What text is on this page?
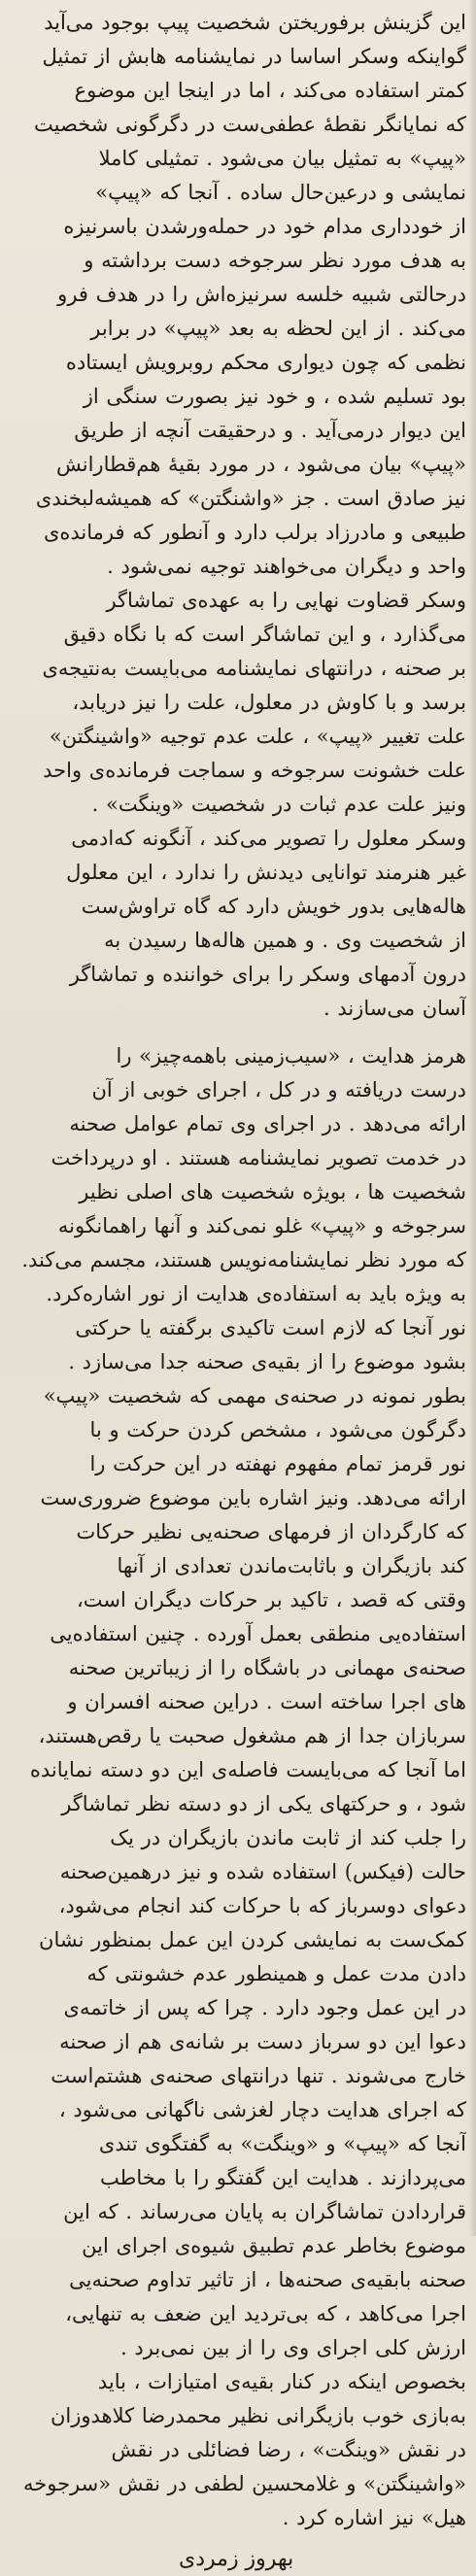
این گزینش برفوریختن شخصیت پیپ بوجود می‌آید
گواینکه وسکر اساسا در نمایشنامه هابش از تمثیل
کمتر استفاده می‌کند ، اما در اینجا این موضوع
که نمایانگر نقطهٔ عطفی‌ست در دگرگونی شخصیت
«پیپ» به تمثیل بیان می‌شود . تمثیلی کاملا
نمایشی و درعین‌حال ساده . آنجا که «پیپ»
از خودداری مدام خود در حمله‌ورشدن باسرنیزه
به هدف مورد نظر سرجوخه دست برداشته و
درحالتی شبیه خلسه سرنیزه‌اش را در هدف فرو
می‌کند . از این لحظه به بعد «پیپ» در برابر
نظمی که چون دیواری محکم روبرویش ایستاده
بود تسلیم شده ، و خود نیز بصورت سنگی از
این دیوار درمی‌آید . و درحقیقت آنچه از طریق
«پیپ» بیان می‌شود ، در مورد بقیهٔ هم‌قطارانش
نیز صادق است . جز «واشنگتن» که همیشه‌لبخندی
طبیعی و مادرزاد برلب دارد و آنطور که فرمانده‌ی
واحد و دیگران می‌خواهند توجیه نمی‌شود .
وسکر قضاوت نهایی را به عهده‌ی تماشاگر
می‌گذارد ، و این تماشاگر است که با نگاه دقیق
بر صحنه ، درانتهای نمایشنامه می‌بایست به‌نتیجه‌ی
برسد و با کاوش در معلول، علت را نیز دریابد،
علت تغییر «پیپ» ، علت عدم توجیه «واشینگتن»
علت خشونت سرجوخه و سماجت فرمانده‌ی واحد
ونیز علت عدم ثبات در شخصیت «وینگت» .
وسکر معلول را تصویر می‌کند ، آنگونه که‌ادمی
غیر هنرمند توانایی دیدنش را ندارد ، این معلول
هاله‌هایی بدور خویش دارد که گاه تراوش‌ست
از شخصیت وی . و همین هاله‌ها رسیدن به
درون آدمهای وسکر را برای خواننده و تماشاگر
آسان می‌سازند .
هرمز هدایت ، «سیب‌زمینی باهمه‌چیز» را
درست دریافته و در کل ، اجرای خوبی از آن
ارائه می‌دهد . در اجرای وی تمام عوامل صحنه
در خدمت تصویر نمایشنامه هستند . او درپرداخت
شخصیت ها ، بویژه شخصیت های اصلی نظیر
سرجوخه و «پیپ» غلو نمی‌کند و آنها راهمانگونه
که مورد نظر نمایشنامه‌نویس هستند، مجسم می‌کند.
به ویژه باید به استفاده‌ی هدایت از نور اشاره‌کرد.
نور آنجا که لازم است تاکیدی برگفته یا حرکتی
بشود موضوع را از بقیه‌ی صحنه جدا می‌سازد .
بطور نمونه در صحنه‌ی مهمی که شخصیت «پیپ»
دگرگون می‌شود ، مشخص کردن حرکت و با
نور قرمز تمام مفهوم نهفته در این حرکت را
ارائه می‌دهد. ونیز اشاره باین موضوع ضروری‌ست
که کارگردان از فرمهای صحنه‌یی نظیر حرکات
کند بازیگران و باثابت‌ماندن تعدادی از آنها
وقتی که قصد ، تاکید بر حرکات دیگران است،
استفاده‌یی منطقی بعمل آورده . چنین استفاده‌یی
صحنه‌ی مهمانی در باشگاه را از زیباترین صحنه
های اجرا ساخته است . دراین صحنه افسران و
سربازان جدا از هم مشغول صحبت یا رقص‌هستند،
اما آنجا که می‌بایست فاصله‌ی این دو دسته نمایانده
شود ، و حرکتهای یکی از دو دسته نظر تماشاگر
را جلب کند از ثابت ماندن بازیگران در یک
حالت (فیکس) استفاده شده و نیز درهمین‌صحنه
دعوای دوسرباز که با حرکات کند انجام می‌شود،
کمک‌ست به نمایشی کردن این عمل بمنظور نشان
دادن مدت عمل و همینطور عدم خشونتی که
در این عمل وجود دارد . چرا که پس از خاتمه‌ی
دعوا این دو سرباز دست بر شانه‌ی هم از صحنه
خارج می‌شوند . تنها درانتهای صحنه‌ی هشتم‌است
که اجرای هدایت دچار لغزشی ناگهانی می‌شود ،
آنجا که «پیپ» و «وینگت» به گفتگوی تندی
می‌پردازند . هدایت این گفتگو را با مخاطب
قراردادن تماشاگران به پایان می‌رساند . که این
موضوع بخاطر عدم تطبیق شیوه‌ی اجرای این
صحنه بابقیه‌ی صحنه‌ها ، از تاثیر تداوم صحنه‌یی
اجرا می‌کاهد ، که بی‌تردید این ضعف به تنهایی،
ارزش کلی اجرای وی را از بین نمی‌برد .
بخصوص اینکه در کنار بقیه‌ی امتیازات ، باید
به‌بازی خوب بازیگرانی نظیر محمدرضا کلاهدوزان
در نقش «وینگت» ، رضا فضائلی در نقش
«واشینگتن» و غلامحسین لطفی در نقش «سرجوخه
هیل» نیز اشاره کرد .
بهروز زمردی
